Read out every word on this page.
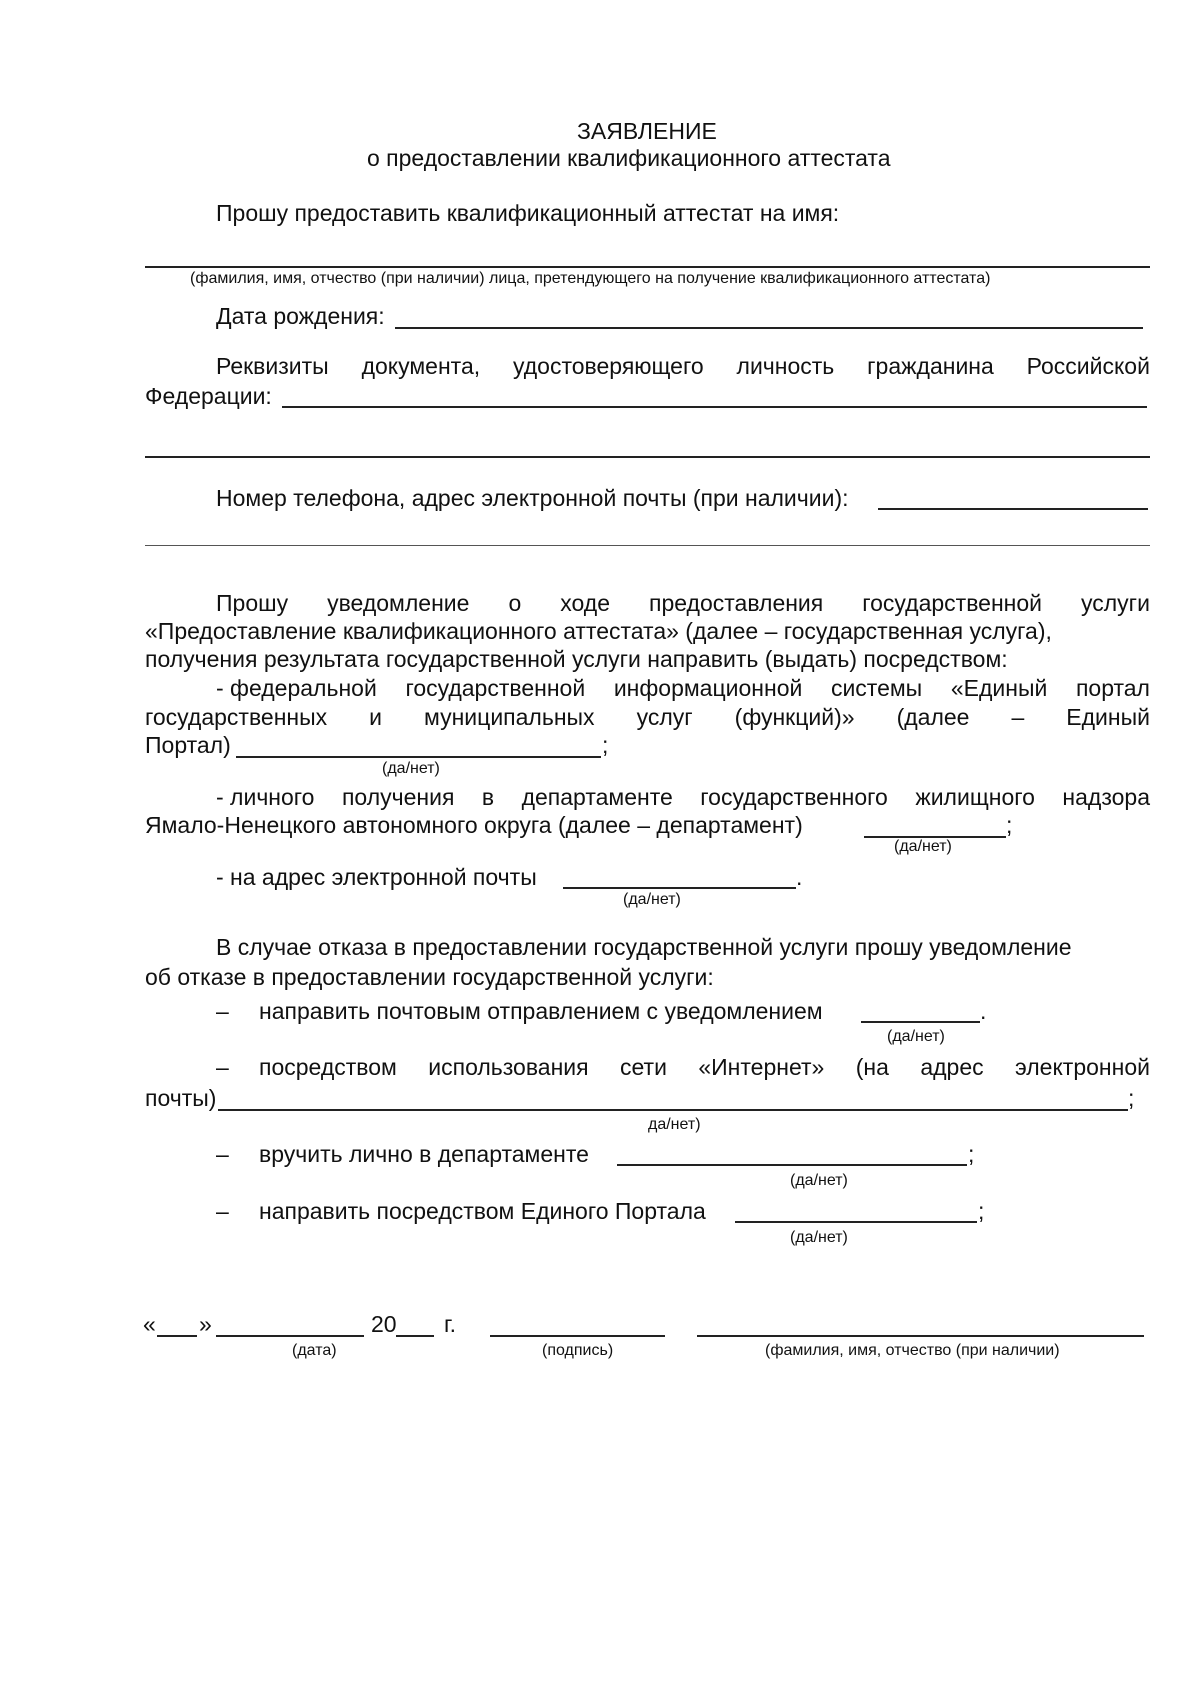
ЗАЯВЛЕНИЕ
о предоставлении квалификационного аттестата
Прошу предоставить квалификационный аттестат на имя:
(фамилия, имя, отчество (при наличии) лица, претендующего на получение квалификационного аттестата)
Дата рождения:
Реквизиты документа, удостоверяющего личность гражданина Российской
Федерации:
Номер телефона, адрес электронной почты (при наличии):
Прошу уведомление о ходе предоставления государственной услуги
«Предоставление квалификационного аттестата» (далее – государственная услуга),
получения результата государственной услуги направить (выдать) посредством:
- федеральной государственной информационной системы «Единый портал
государственных и муниципальных услуг (функций)» (далее – Единый
Портал)	;
(да/нет)
- личного получения в департаменте государственного жилищного надзора
Ямало-Ненецкого автономного округа (далее – департамент)	;
(да/нет)
- на адрес электронной почты	.
(да/нет)
В случае отказа в предоставлении государственной услуги прошу уведомление
об отказе в предоставлении государственной услуги:
– направить почтовым отправлением с уведомлением	.
(да/нет)
– посредством использования сети «Интернет» (на адрес электронной
почты)	;
да/нет)
– вручить лично в департаменте	;
(да/нет)
– направить посредством Единого Портала	;
(да/нет)
« »	20 г.
(дата)	(подпись)	(фамилия, имя, отчество (при наличии)
